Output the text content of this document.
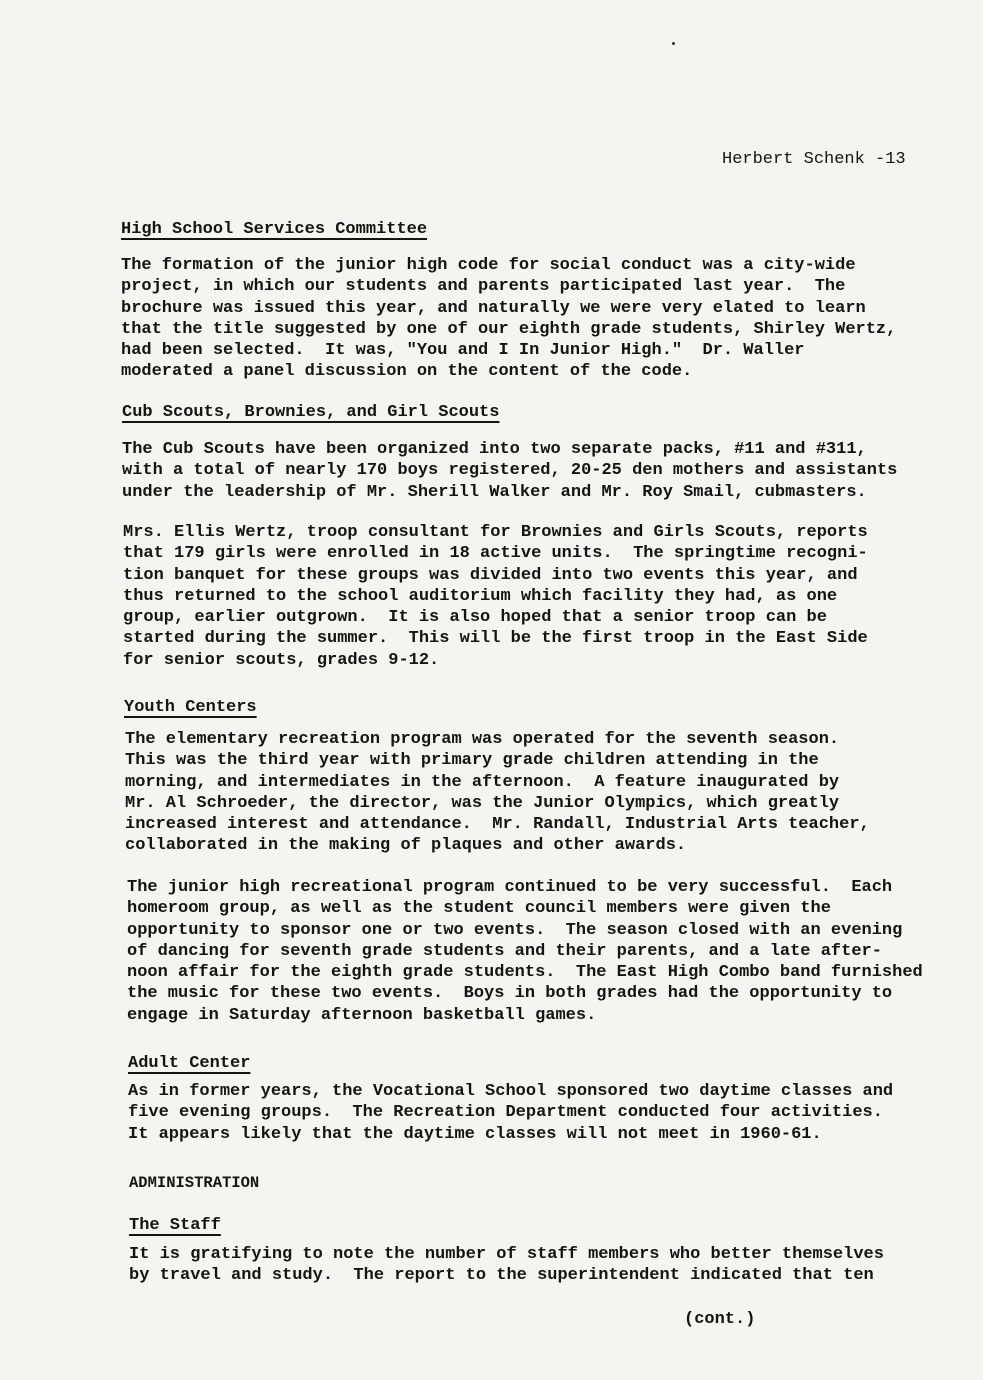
Herbert Schenk -13
High School Services Committee

The formation of the junior high code for social conduct was a city-wide

project, in which our students and parents participated last year.  The

brochure was issued this year, and naturally we were very elated to learn

that the title suggested by one of our eighth grade students, Shirley Wertz,

had been selected.  It was, "You and I In Junior High."  Dr. Waller

moderated a panel discussion on the content of the code.

Cub Scouts, Brownies, and Girl Scouts

The Cub Scouts have been organized into two separate packs, #11 and #311,

with a total of nearly 170 boys registered, 20-25 den mothers and assistants

under the leadership of Mr. Sherill Walker and Mr. Roy Smail, cubmasters.

Mrs. Ellis Wertz, troop consultant for Brownies and Girls Scouts, reports

that 179 girls were enrolled in 18 active units.  The springtime recogni-

tion banquet for these groups was divided into two events this year, and

thus returned to the school auditorium which facility they had, as one

group, earlier outgrown.  It is also hoped that a senior troop can be

started during the summer.  This will be the first troop in the East Side

for senior scouts, grades 9-12.

Youth Centers

The elementary recreation program was operated for the seventh season.

This was the third year with primary grade children attending in the

morning, and intermediates in the afternoon.  A feature inaugurated by

Mr. Al Schroeder, the director, was the Junior Olympics, which greatly

increased interest and attendance.  Mr. Randall, Industrial Arts teacher,

collaborated in the making of plaques and other awards.

The junior high recreational program continued to be very successful.  Each

homeroom group, as well as the student council members were given the

opportunity to sponsor one or two events.  The season closed with an evening

of dancing for seventh grade students and their parents, and a late after-

noon affair for the eighth grade students.  The East High Combo band furnished

the music for these two events.  Boys in both grades had the opportunity to

engage in Saturday afternoon basketball games.

Adult Center

As in former years, the Vocational School sponsored two daytime classes and

five evening groups.  The Recreation Department conducted four activities.

It appears likely that the daytime classes will not meet in 1960-61.

ADMINISTRATION
The Staff

It is gratifying to note the number of staff members who better themselves

by travel and study.  The report to the superintendent indicated that ten

(cont.)
